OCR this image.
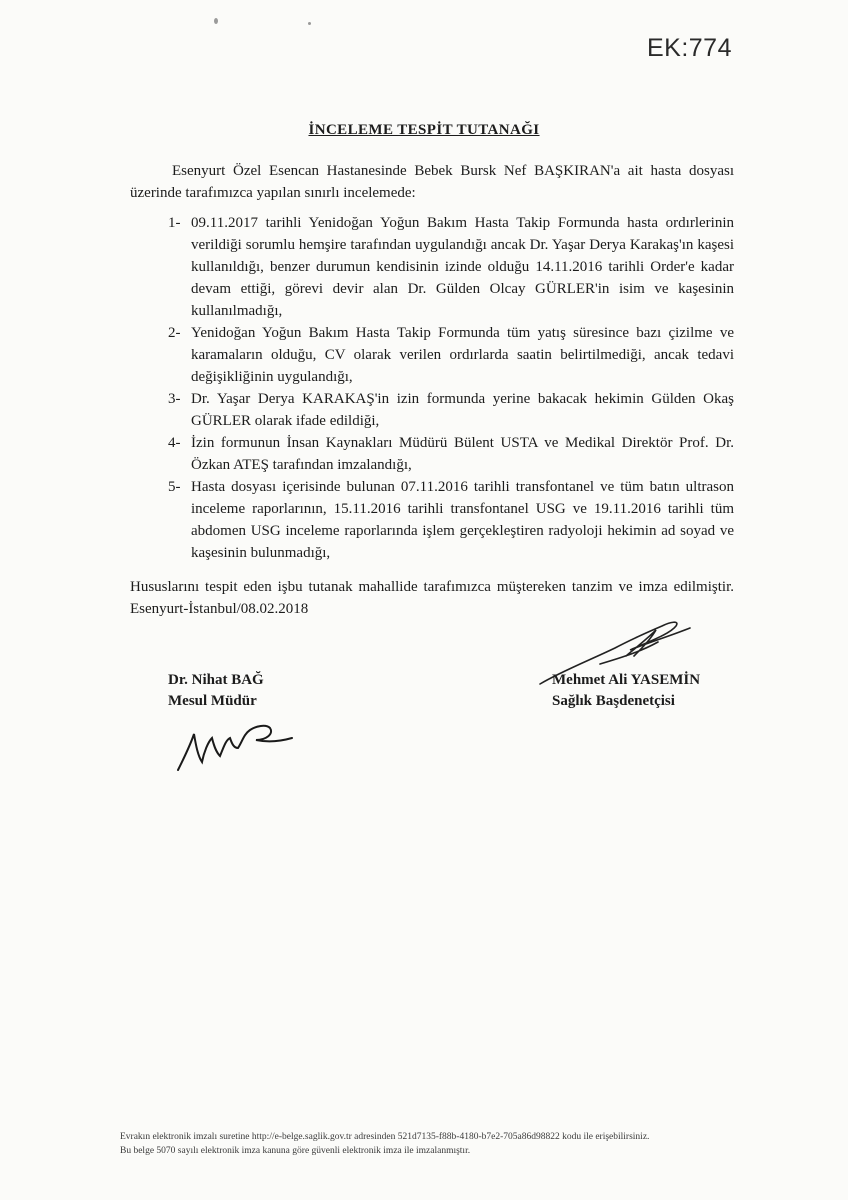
EK:774
İNCELEME TESPİT TUTANAĞI
Esenyurt Özel Esencan Hastanesinde Bebek Bursk Nef BAŞKIRAN'a ait hasta dosyası üzerinde tarafımızca yapılan sınırlı incelemede:
1- 09.11.2017 tarihli Yenidoğan Yoğun Bakım Hasta Takip Formunda hasta ordırlerinin verildiği sorumlu hemşire tarafından uygulandığı ancak Dr. Yaşar Derya Karakaş'ın kaşesi kullanıldığı, benzer durumun kendisinin izinde olduğu 14.11.2016 tarihli Order'e kadar devam ettiği, görevi devir alan Dr. Gülden Olcay GÜRLER'in isim ve kaşesinin kullanılmadığı,
2- Yenidoğan Yoğun Bakım Hasta Takip Formunda tüm yatış süresince bazı çizilme ve karamaların olduğu, CV olarak verilen ordırlarda saatin belirtilmediği, ancak tedavi değişikliğinin uygulandığı,
3- Dr. Yaşar Derya KARAKAŞ'in izin formunda yerine bakacak hekimin Gülden Okaş GÜRLER olarak ifade edildiği,
4- İzin formunun İnsan Kaynakları Müdürü Bülent USTA ve Medikal Direktör Prof. Dr. Özkan ATEŞ tarafından imzalandığı,
5- Hasta dosyası içerisinde bulunan 07.11.2016 tarihli transfontanel ve tüm batın ultrason inceleme raporlarının, 15.11.2016 tarihli transfontanel USG ve 19.11.2016 tarihli tüm abdomen USG inceleme raporlarında işlem gerçekleştiren radyoloji hekimin ad soyad ve kaşesinin bulunmadığı,
Hususlarını tespit eden işbu tutanak mahallide tarafımızca müştereken tanzim ve imza edilmiştir. Esenyurt-İstanbul/08.02.2018
Dr. Nihat BAĞ
Mesul Müdür
Mehmet Ali YASEMİN
Sağlık Başdenetçisi
Evrakın elektronik imzalı suretine http://e-belge.saglik.gov.tr adresinden 521d7135-f88b-4180-b7e2-705a86d98822 kodu ile erişebilirsiniz.
Bu belge 5070 sayılı elektronik imza kanuna göre güvenli elektronik imza ile imzalanmıştır.
